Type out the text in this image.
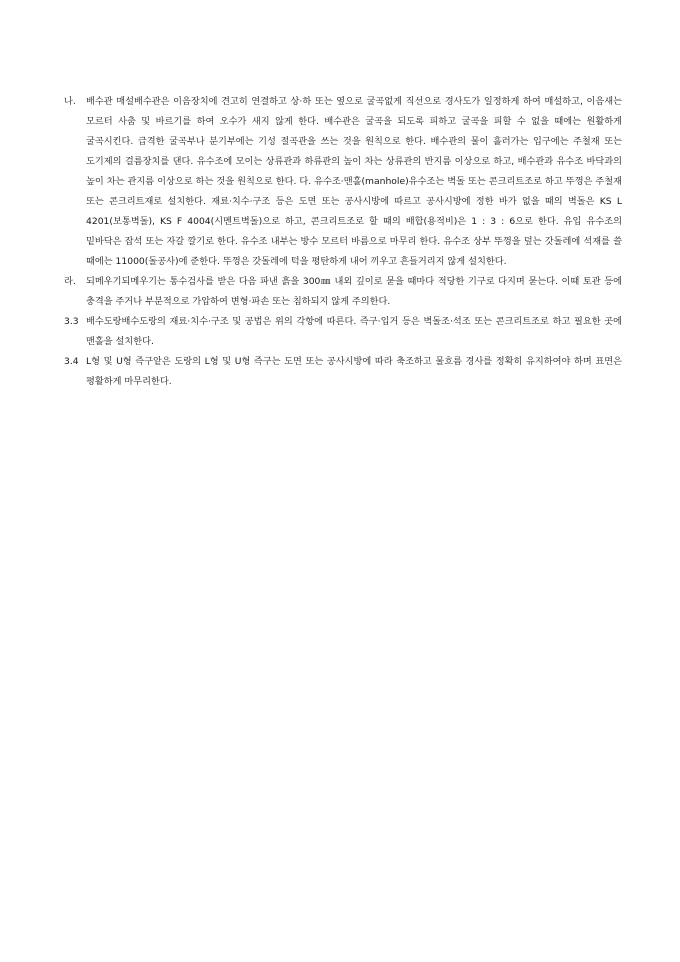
나. 배수관 매설배수관은 이음장치에 견고히 연결하고 상·하 또는 옆으로 굴곡없게 직선으로 경사도가 일정하게 하여 매설하고, 이음새는 모르터 사춤 및 바르기를 하여 오수가 새지 않게 한다. 배수관은 굴곡을 되도록 피하고 굴곡을 피할 수 없을 때에는 원활하게 굴곡시킨다. 급격한 굴곡부나 분기부에는 기성 절곡관을 쓰는 것을 원칙으로 한다. 배수관의 물이 흘러가는 입구에는 주철재 또는 도기제의 걸름장치를 댄다. 유수조에 모이는 상류관과 하류관의 높이 차는 상류관의 반지름 이상으로 하고, 배수관과 유수조 바닥과의 높이 차는 관지름 이상으로 하는 것을 원칙으로 한다. 다. 유수조·맨홀(manhole)유수조는 벽돌 또는 콘크리트조로 하고 뚜껑은 주철재 또는 콘크리트재로 설치한다. 재료·치수·구조 등은 도면 또는 공사시방에 따르고 공사시방에 정한 바가 없을 때의 벽돌은 KS L 4201(보통벽돌), KS F 4004(시멘트벽돌)으로 하고, 콘크리트조로 할 때의 배합(용적비)은 1 : 3 : 6으로 한다. 유입 유수조의 밑바닥은 잡석 또는 자갈 깔기로 한다. 유수조 내부는 방수 모르터 바름으로 마무리 한다. 유수조 상부 뚜껑을 덮는 갓돌레에 석재를 쓸 때에는 11000(돌공사)에 준한다. 뚜껑은 갓돌레에 턱을 평탄하게 내어 끼우고 흔들거리지 않게 설치한다.

라. 되메우기되메우기는 통수검사를 받은 다음 파낸 흙을 300㎜ 내외 깊이로 묻을 때마다 적당한 기구로 다지며 묻는다. 이때 토관 등에 충격을 주거나 부분적으로 가압하여 변형·파손 또는 침하되지 않게 주의한다.

3.3 배수도랑배수도랑의 재료·치수·구조 및 공법은 위의 각항에 따른다. 즉구·입거 등은 벽돌조·석조 또는 콘크리트조로 하고 필요한 곳에 맨홀을 설치한다.

3.4 L형 및 U형 즉구앝은 도랑의 L형 및 U형 즉구는 도면 또는 공사시방에 따라 축조하고 물흐름 경사를 정확히 유지하여야 하며 표면은 평활하게 마무리한다.
